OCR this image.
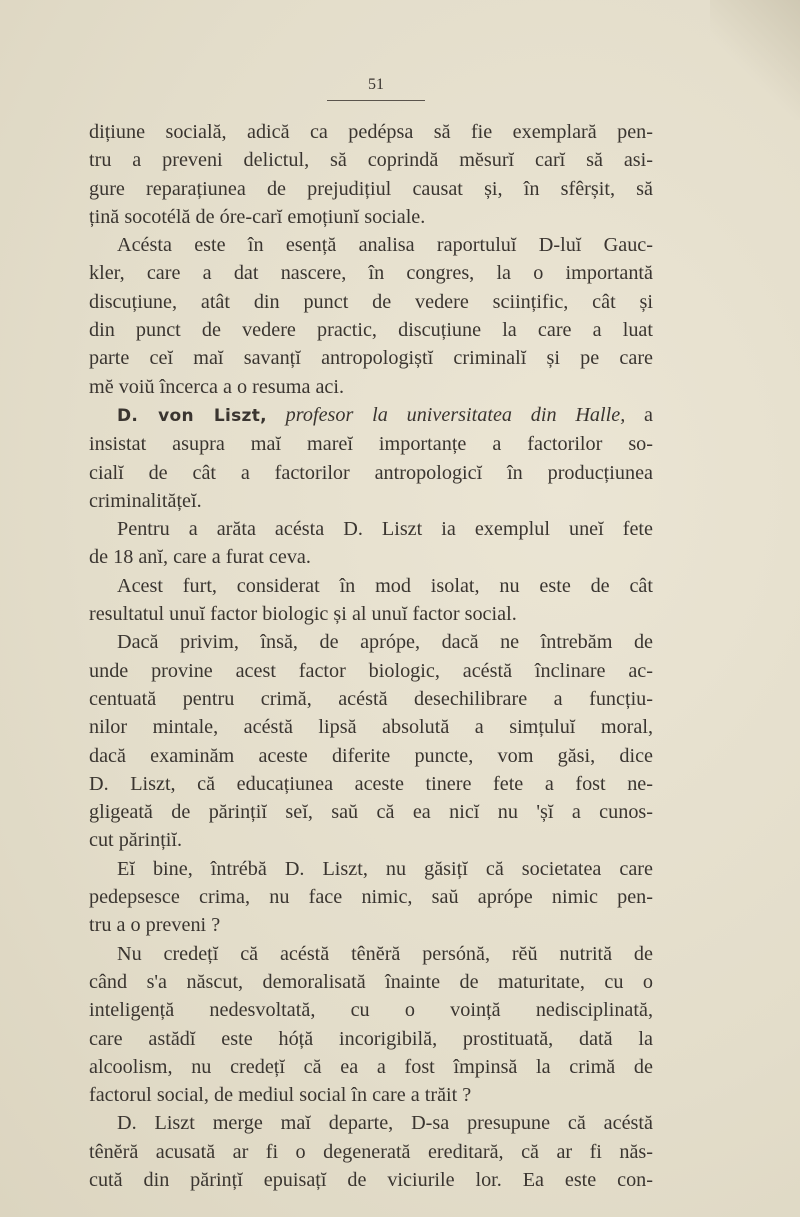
51
dițiune socială, adică ca pedépsa să fie exemplară pen-
tru a preveni delictul, să coprindă mĕsurĭ carĭ să asi-
gure reparațiunea de prejudițiul causat și, în sfêrșit, să
țină socotélă de óre-carĭ emoțiunĭ sociale.
Acésta este în esență analisa raportuluĭ D-luĭ Gauc-
kler, care a dat nascere, în congres, la o importantă
discuțiune, atât din punct de vedere sciințific, cât și
din punct de vedere practic, discuțiune la care a luat
parte ceĭ maĭ savanțĭ antropologiștĭ criminalĭ și pe care
mĕ voiŭ încerca a o resuma aci.
D. von Liszt, profesor la universitatea din Halle, a
insistat asupra maĭ mareĭ importanțe a factorilor so-
cialĭ de cât a factorilor antropologicĭ în producțiunea
criminalitățeĭ.
Pentru a arăta acésta D. Liszt ia exemplul uneĭ fete
de 18 anĭ, care a furat ceva.
Acest furt, considerat în mod isolat, nu este de cât
resultatul unuĭ factor biologic și al unuĭ factor social.
Dacă privim, însă, de apróре, dacă ne întrebăm de
unde provine acest factor biologic, acéstă înclinare ac-
centuată pentru crimă, acéstă desechilibrare a funcțiu-
nilor mintale, acéstă lipsă absolută a simțuluĭ moral,
dacă examinăm aceste diferite puncte, vom găsi, dice
D. Liszt, că educațiunea aceste tinere fete a fost ne-
gligeată de părințiĭ seĭ, saŭ că ea nicĭ nu 'șĭ a cunos-
cut părințiĭ.
Eĭ bine, întrébă D. Liszt, nu găsițĭ că societatea care
pedepsesce crima, nu face nimic, saŭ apróре nimic pen-
tru a o preveni ?
Nu credețĭ că acéstă tênĕră persónă, rĕŭ nutrită de
când s'a născut, demoralisată înainte de maturitate, cu o
inteligență nedesvoltată, cu o voință nedisciplinată,
care astădĭ este hóță incorigibilă, prostituată, dată la
alcoolism, nu credețĭ că ea a fost împinsă la crimă de
factorul social, de mediul social în care a trăit ?
D. Liszt merge maĭ departe, D-sa presupune că acéstă
tênĕră acusată ar fi o degenerată ereditară, că ar fi năs-
cută din părințĭ epuisațĭ de viciurile lor. Ea este con-
